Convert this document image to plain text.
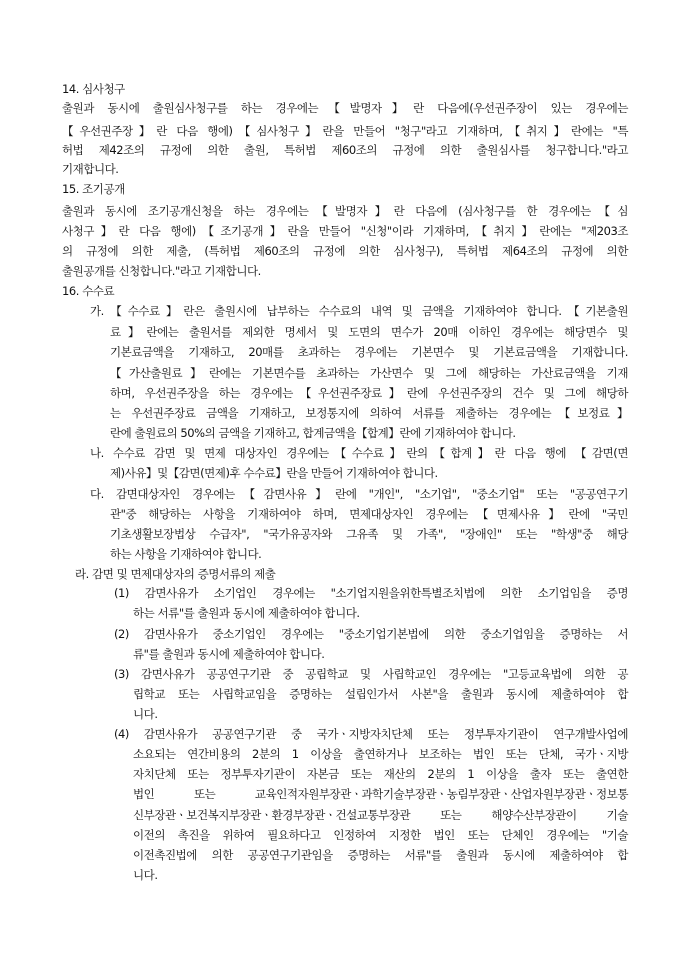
14. 심사청구
출원과 동시에 출원심사청구를 하는 경우에는【발명자】란 다음에(우선권주장이 있는 경우에는
【우선권주장】란 다음 행에)【심사청구】란을 만들어 "청구"라고 기재하며,【취지】란에는 "특
허법 제42조의 규정에 의한 출원, 특허법 제60조의 규정에 의한 출원심사를 청구합니다."라고
기재합니다.
15. 조기공개
출원과 동시에 조기공개신청을 하는 경우에는【발명자】란 다음에 (심사청구를 한 경우에는【심
사청구】란 다음 행에)【조기공개】란을 만들어 "신청"이라 기재하며,【취지】란에는 "제203조
의 규정에 의한 제출, (특허법 제60조의 규정에 의한 심사청구), 특허법 제64조의 규정에 의한
출원공개를 신청합니다."라고 기재합니다.
16. 수수료
가.【수수료】란은 출원시에 납부하는 수수료의 내역 및 금액을 기재하여야 합니다.【기본출원
료】란에는 출원서를 제외한 명세서 및 도면의 면수가 20매 이하인 경우에는 해당면수 및
기본료금액을 기재하고, 20매를 초과하는 경우에는 기본면수 및 기본료금액을 기재합니다.
【가산출원료】란에는 기본면수를 초과하는 가산면수 및 그에 해당하는 가산료금액을 기재
하며, 우선권주장을 하는 경우에는【우선권주장료】란에 우선권주장의 건수 및 그에 해당하
는 우선권주장료 금액을 기재하고, 보정통지에 의하여 서류를 제출하는 경우에는【보정료】
란에 출원료의 50%의 금액을 기재하고, 합계금액을【합계】란에 기재하여야 합니다.
나. 수수료 감면 및 면제 대상자인 경우에는【수수료】란의【합계】란 다음 행에 【감면(면
제)사유】및【감면(면제)후 수수료】란을 만들어 기재하여야 합니다.
다. 감면대상자인 경우에는【감면사유】란에 "개인", "소기업", "중소기업" 또는 "공공연구기
관"중 해당하는 사항을 기재하여야 하며, 면제대상자인 경우에는【면제사유】란에 "국민
기초생활보장법상 수급자", "국가유공자와 그유족 및 가족", "장애인" 또는 "학생"중 해당
하는 사항을 기재하여야 합니다.
라. 감면 및 면제대상자의 증명서류의 제출
(1) 감면사유가 소기업인 경우에는 "소기업지원을위한특별조치법에 의한 소기업임을 증명
하는 서류"를 출원과 동시에 제출하여야 합니다.
(2) 감면사유가 중소기업인 경우에는 "중소기업기본법에 의한 중소기업임을 증명하는 서
류"를 출원과 동시에 제출하여야 합니다.
(3) 감면사유가 공공연구기관 중 공립학교 및 사립학교인 경우에는 "고등교육법에 의한 공
립학교 또는 사립학교임을 증명하는 설립인가서 사본"을 출원과 동시에 제출하여야 합
니다.
(4) 감면사유가 공공연구기관 중 국가ㆍ지방자치단체 또는 정부투자기관이 연구개발사업에
소요되는 연간비용의 2분의 1 이상을 출연하거나 보조하는 법인 또는 단체, 국가ㆍ지방
자치단체 또는 정부투자기관이 자본금 또는 재산의 2분의 1 이상을 출자 또는 출연한
법인 또는 교육인적자원부장관ㆍ과학기술부장관ㆍ농림부장관ㆍ산업자원부장관ㆍ정보통
신부장관ㆍ보건복지부장관ㆍ환경부장관ㆍ건설교통부장관 또는 해양수산부장관이 기술
이전의 촉진을 위하여 필요하다고 인정하여 지정한 법인 또는 단체인 경우에는 "기술
이전촉진법에 의한 공공연구기관임을 증명하는 서류"를 출원과 동시에 제출하여야 합
니다.
